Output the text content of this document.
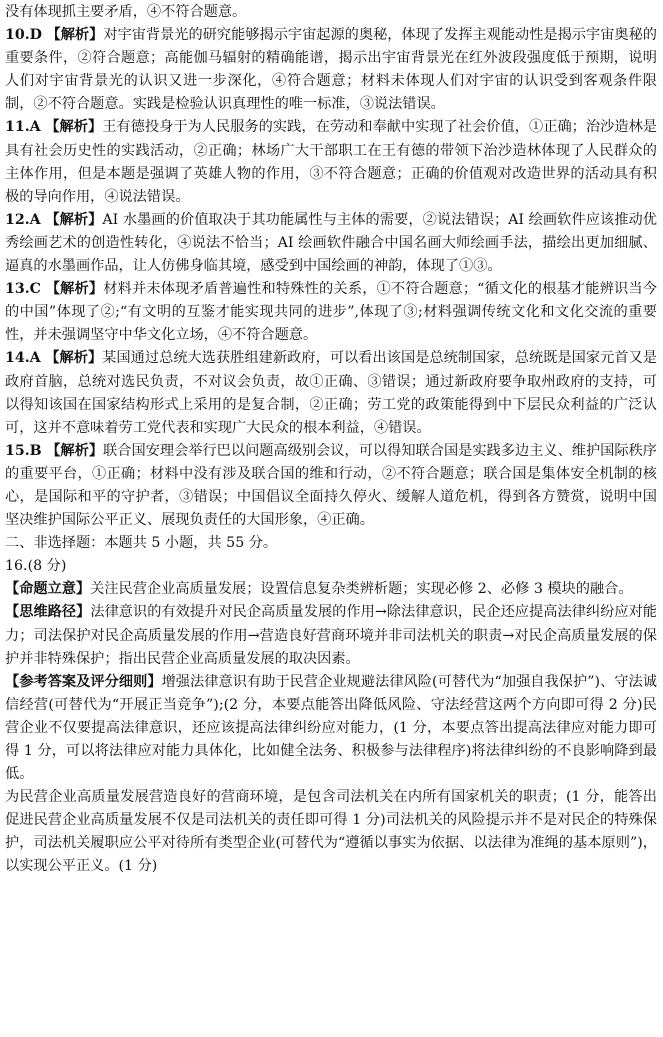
没有体现抓主要矛盾，④不符合题意。

10.D 【解析】对宇宙背景光的研究能够揭示宇宙起源的奥秘，体现了发挥主观能动性是揭示宇宙奥秘的重要条件，②符合题意；高能伽马辐射的精确能谱，揭示出宇宙背景光在红外波段强度低于预期，说明人们对宇宙背景光的认识又进一步深化，④符合题意；材料未体现人们对宇宙的认识受到客观条件限制，②不符合题意。实践是检验认识真理性的唯一标准，③说法错误。

11.A 【解析】王有德投身于为人民服务的实践，在劳动和奉献中实现了社会价值，①正确；治沙造林是具有社会历史性的实践活动，②正确；林场广大干部职工在王有德的带领下治沙造林体现了人民群众的主体作用，但是本题是强调了英雄人物的作用，③不符合题意；正确的价值观对改造世界的活动具有积极的导向作用，④说法错误。

12.A 【解析】AI 水墨画的价值取决于其功能属性与主体的需要，②说法错误；AI 绘画软件应该推动优秀绘画艺术的创造性转化，④说法不恰当；AI 绘画软件融合中国名画大师绘画手法，描绘出更加细腻、逼真的水墨画作品，让人仿佛身临其境，感受到中国绘画的神韵，体现了①③。

13.C 【解析】材料并未体现矛盾普遍性和特殊性的关系，①不符合题意；“循文化的根基才能辨识当今的中国”体现了②;“有文明的互鉴才能实现共同的进步”,体现了③;材料强调传统文化和文化交流的重要性，并未强调坚守中华文化立场，④不符合题意。

14.A 【解析】某国通过总统大选获胜组建新政府，可以看出该国是总统制国家，总统既是国家元首又是政府首脑，总统对选民负责，不对议会负责，故①正确、③错误；通过新政府要争取州政府的支持，可以得知该国在国家结构形式上采用的是复合制，②正确；劳工党的政策能得到中下层民众利益的广泛认可，这并不意味着劳工党代表和实现广大民众的根本利益，④错误。

15.B 【解析】联合国安理会举行巴以问题高级别会议，可以得知联合国是实践多边主义、维护国际秩序的重要平台，①正确；材料中没有涉及联合国的维和行动，②不符合题意；联合国是集体安全机制的核心，是国际和平的守护者，③错误；中国倡议全面持久停火、缓解人道危机，得到各方赞赏，说明中国坚决维护国际公平正义、展现负责任的大国形象，④正确。

二、非选择题：本题共 5 小题，共 55 分。

16.(8 分)

【命题立意】关注民营企业高质量发展；设置信息复杂类辨析题；实现必修 2、必修 3 模块的融合。

【思维路径】法律意识的有效提升对民企高质量发展的作用→除法律意识，民企还应提高法律纠纷应对能力；司法保护对民企高质量发展的作用→营造良好营商环境并非司法机关的职责→对民企高质量发展的保护并非特殊保护；指出民营企业高质量发展的取决因素。

【参考答案及评分细则】增强法律意识有助于民营企业规避法律风险(可替代为“加强自我保护”)、守法诚信经营(可替代为“开展正当竞争”);(2 分，本要点能答出降低风险、守法经营这两个方向即可得 2 分)民营企业不仅要提高法律意识，还应该提高法律纠纷应对能力，(1 分，本要点答出提高法律应对能力即可得 1 分，可以将法律应对能力具体化，比如健全法务、积极参与法律程序)将法律纠纷的不良影响降到最低。

为民营企业高质量发展营造良好的营商环境，是包含司法机关在内所有国家机关的职责；(1 分，能答出促进民营企业高质量发展不仅是司法机关的责任即可得 1 分)司法机关的风险提示并不是对民企的特殊保护，司法机关履职应公平对待所有类型企业(可替代为“遵循以事实为依据、以法律为准绳的基本原则”)，以实现公平正义。(1 分)
